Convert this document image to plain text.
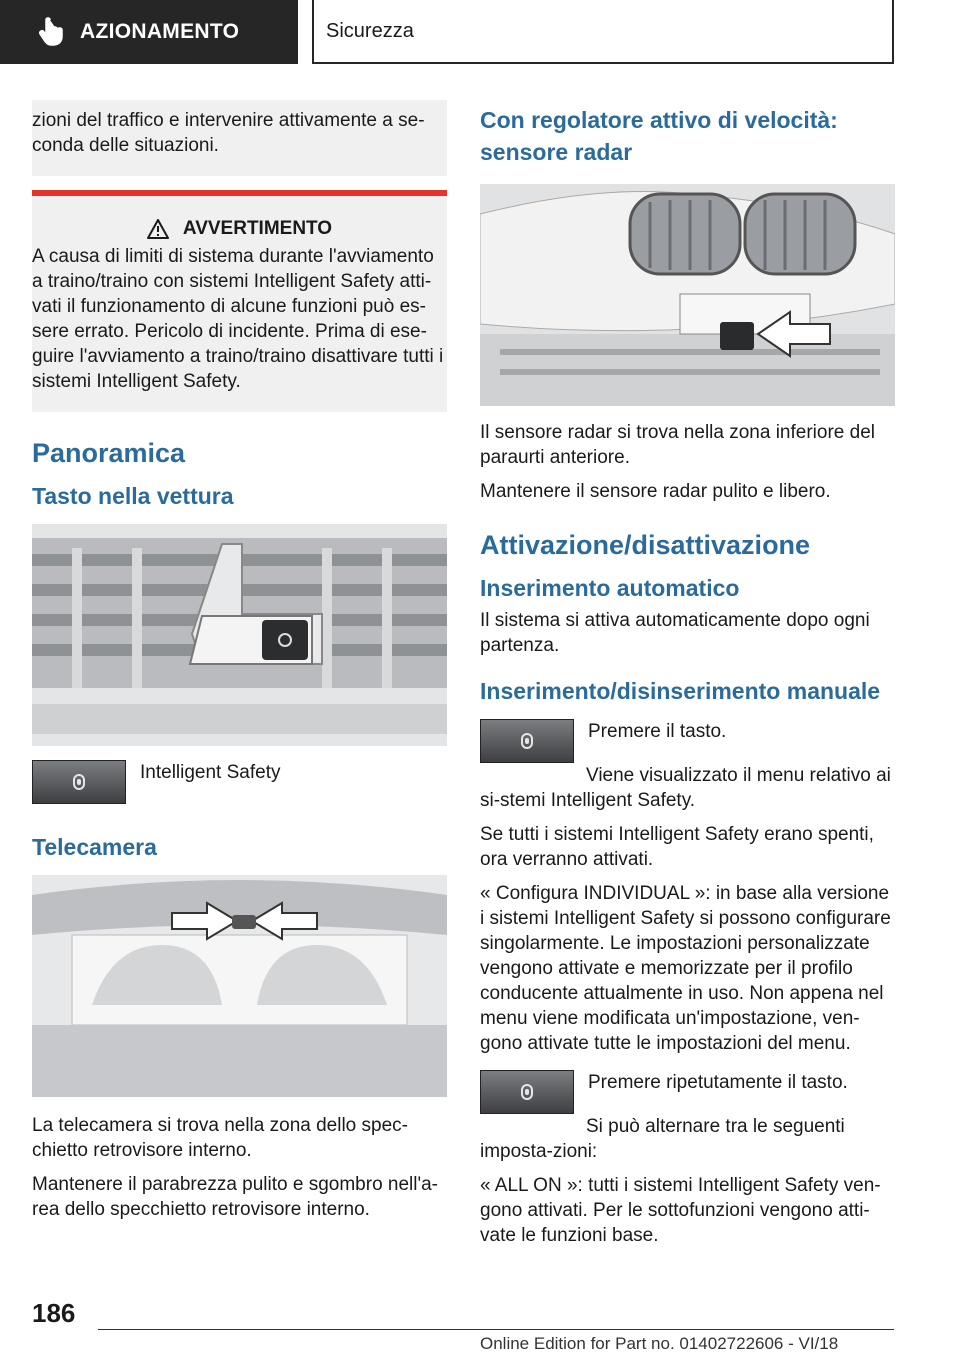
AZIONAMENTO	Sicurezza

zioni del traffico e intervenire attivamente a se-conda delle situazioni.

AVVERTIMENTO

A causa di limiti di sistema durante l'avviamento a traino/traino con sistemi Intelligent Safety atti-vati il funzionamento di alcune funzioni può es-sere errato. Pericolo di incidente. Prima di ese-guire l'avviamento a traino/traino disattivare tutti i sistemi Intelligent Safety.

Panoramica
Tasto nella vettura

Intelligent Safety

Telecamera

La telecamera si trova nella zona dello spec-chietto retrovisore interno.

Mantenere il parabrezza pulito e sgombro nell'a-rea dello specchietto retrovisore interno.

Con regolatore attivo di velocità: sensore radar

Il sensore radar si trova nella zona inferiore del paraurti anteriore.

Mantenere il sensore radar pulito e libero.

Attivazione/disattivazione
Inserimento automatico

Il sistema si attiva automaticamente dopo ogni partenza.

Inserimento/disinserimento manuale

Premere il tasto.

Viene visualizzato il menu relativo ai si-stemi Intelligent Safety.

Se tutti i sistemi Intelligent Safety erano spenti, ora verranno attivati.

« Configura INDIVIDUAL »: in base alla versione i sistemi Intelligent Safety si possono configurare singolarmente. Le impostazioni personalizzate vengono attivate e memorizzate per il profilo conducente attualmente in uso. Non appena nel menu viene modificata un'impostazione, ven-gono attivate tutte le impostazioni del menu.

Premere ripetutamente il tasto.

Si può alternare tra le seguenti imposta-zioni:

« ALL ON »: tutti i sistemi Intelligent Safety ven-gono attivati. Per le sottofunzioni vengono atti-vate le funzioni base.

186
Online Edition for Part no. 01402722606 - VI/18
